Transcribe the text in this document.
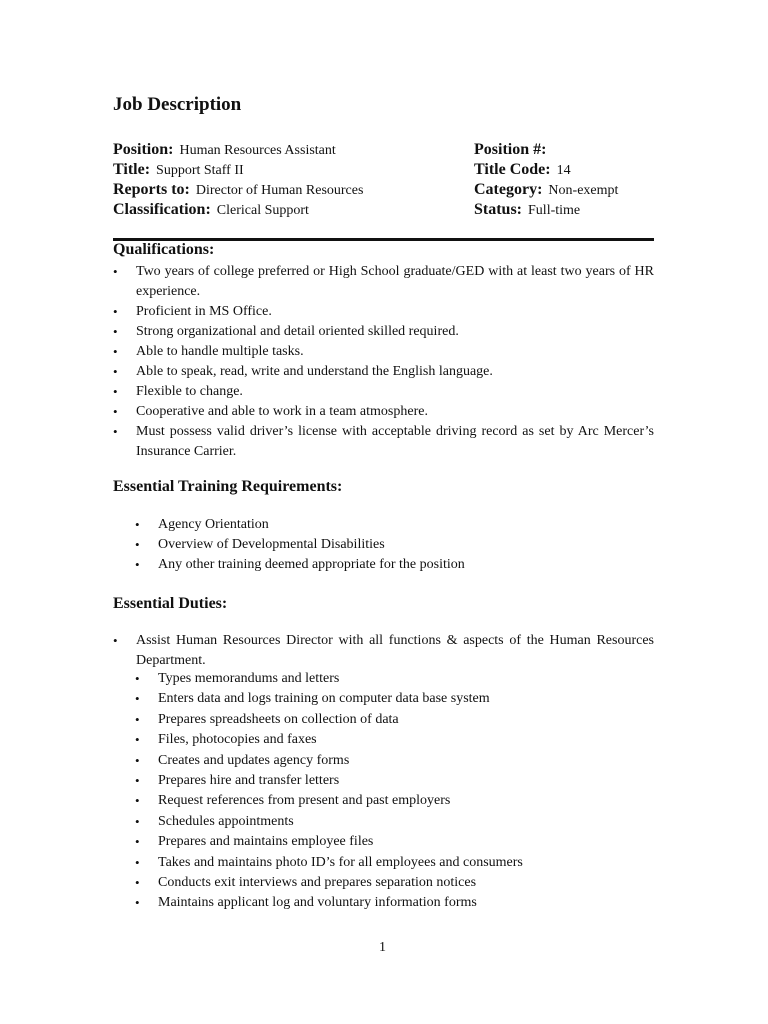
Job Description
Position: Human Resources Assistant
Title: Support Staff II
Reports to: Director of Human Resources
Classification: Clerical Support
Position #:
Title Code: 14
Category: Non-exempt
Status: Full-time
Qualifications:
• Two years of college preferred or High School graduate/GED with at least two years of HR experience.
• Proficient in MS Office.
• Strong organizational and detail oriented skilled required.
• Able to handle multiple tasks.
• Able to speak, read, write and understand the English language.
• Flexible to change.
• Cooperative and able to work in a team atmosphere.
• Must possess valid driver’s license with acceptable driving record as set by Arc Mercer’s Insurance Carrier.
Essential Training Requirements:
• Agency Orientation
• Overview of Developmental Disabilities
• Any other training deemed appropriate for the position
Essential Duties:
• Assist Human Resources Director with all functions & aspects of the Human Resources Department.
• Types memorandums and letters
• Enters data and logs training on computer data base system
• Prepares spreadsheets on collection of data
• Files, photocopies and faxes
• Creates and updates agency forms
• Prepares hire and transfer letters
• Request references from present and past employers
• Schedules appointments
• Prepares and maintains employee files
• Takes and maintains photo ID’s for all employees and consumers
• Conducts exit interviews and prepares separation notices
• Maintains applicant log and voluntary information forms
1
